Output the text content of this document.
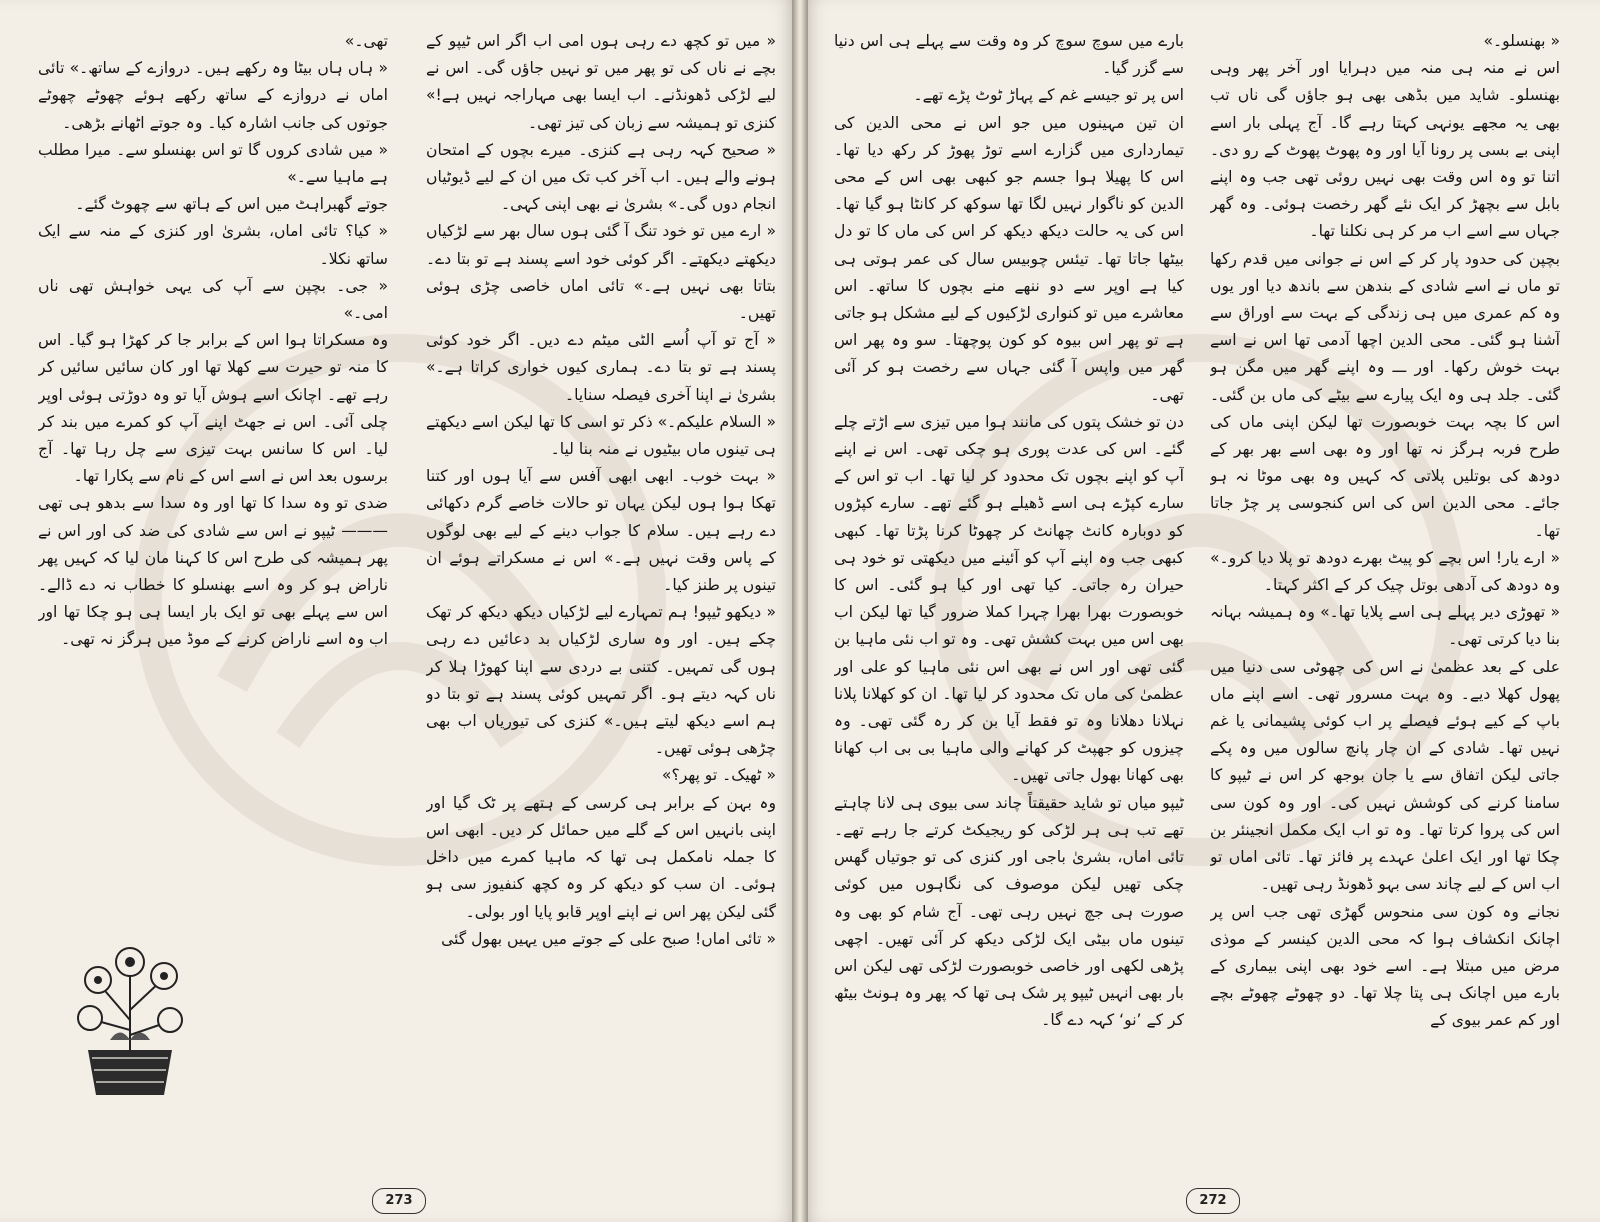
« میں تو کچھ دے رہی ہوں امی اب اگر اس ٹیپو کے بچے نے ناں کی تو پھر میں تو نہیں جاؤں گی۔ اس نے لیے لڑکی ڈھونڈنے۔ اب ایسا بھی مہاراجہ نہیں ہے!» کنزی تو ہمیشہ سے زبان کی تیز تھی۔

« صحیح کہہ رہی ہے کنزی۔ میرے بچوں کے امتحان ہونے والے ہیں۔ اب آخر کب تک میں ان کے لیے ڈیوٹیاں انجام دوں گی۔» بشریٰ نے بھی اپنی کہی۔

« ارے میں تو خود تنگ آ گئی ہوں سال بھر سے لڑکیاں دیکھتے دیکھتے۔ اگر کوئی خود اسے پسند ہے تو بتا دے۔ بتاتا بھی نہیں ہے۔» تائی اماں خاصی چڑی ہوئی تھیں۔

« آج تو آپ اُسے الٹی میٹم دے دیں۔ اگر خود کوئی پسند ہے تو بتا دے۔ ہماری کیوں خواری کراتا ہے۔» بشریٰ نے اپنا آخری فیصلہ سنایا۔

« السلام علیکم۔» ذکر تو اسی کا تھا لیکن اسے دیکھتے ہی تینوں ماں بیٹیوں نے منہ بنا لیا۔

« بہت خوب۔ ابھی ابھی آفس سے آیا ہوں اور کتنا تھکا ہوا ہوں لیکن یہاں تو حالات خاصے گرم دکھائی دے رہے ہیں۔ سلام کا جواب دینے کے لیے بھی لوگوں کے پاس وقت نہیں ہے۔» اس نے مسکراتے ہوئے ان تینوں پر طنز کیا۔

« دیکھو ٹیپو! ہم تمہارے لیے لڑکیاں دیکھ دیکھ کر تھک چکے ہیں۔ اور وہ ساری لڑکیاں بد دعائیں دے رہی ہوں گی تمہیں۔ کتنی بے دردی سے اپنا کھوڑا ہلا کر ناں کہہ دیتے ہو۔ اگر تمہیں کوئی پسند ہے تو بتا دو ہم اسے دیکھ لیتے ہیں۔» کنزی کی تیوریاں اب بھی چڑھی ہوئی تھیں۔

« ٹھیک۔ تو پھر؟»

وہ بہن کے برابر ہی کرسی کے ہتھے پر ٹک گیا اور اپنی بانہیں اس کے گلے میں حمائل کر دیں۔ ابھی اس کا جملہ نامکمل ہی تھا کہ ماہیا کمرے میں داخل ہوئی۔ ان سب کو دیکھ کر وہ کچھ کنفیوز سی ہو گئی لیکن پھر اس نے اپنے اوپر قابو پایا اور بولی۔

« تائی اماں! صبح علی کے جوتے میں یہیں بھول گئی

تھی۔»

« ہاں ہاں بیٹا وہ رکھے ہیں۔ دروازے کے ساتھ۔» تائی اماں نے دروازے کے ساتھ رکھے ہوئے چھوٹے چھوٹے جوتوں کی جانب اشارہ کیا۔ وہ جوتے اٹھانے بڑھی۔

« میں شادی کروں گا تو اس بھنسلو سے۔ میرا مطلب ہے ماہیا سے۔»

جوتے گھبراہٹ میں اس کے ہاتھ سے چھوٹ گئے۔

« کیا؟ تائی اماں، بشریٰ اور کنزی کے منہ سے ایک ساتھ نکلا۔

« جی۔ بچپن سے آپ کی یہی خواہش تھی ناں امی۔»

وہ مسکراتا ہوا اس کے برابر جا کر کھڑا ہو گیا۔ اس کا منہ تو حیرت سے کھلا تھا اور کان سائیں سائیں کر رہے تھے۔ اچانک اسے ہوش آیا تو وہ دوڑتی ہوئی اوپر چلی آئی۔ اس نے جھٹ اپنے آپ کو کمرے میں بند کر لیا۔ اس کا سانس بہت تیزی سے چل رہا تھا۔ آج برسوں بعد اس نے اسے اس کے نام سے پکارا تھا۔

ضدی تو وہ سدا کا تھا اور وہ سدا سے بدھو ہی تھی ——— ٹیپو نے اس سے شادی کی ضد کی اور اس نے پھر ہمیشہ کی طرح اس کا کہنا مان لیا کہ کہیں پھر ناراض ہو کر وہ اسے بھنسلو کا خطاب نہ دے ڈالے۔ اس سے پہلے بھی تو ایک بار ایسا ہی ہو چکا تھا اور اب وہ اسے ناراض کرنے کے موڈ میں ہرگز نہ تھی۔

273

« بھنسلو۔»

اس نے منہ ہی منہ میں دہرایا اور آخر پھر وہی بھنسلو۔ شاید میں بڈھی بھی ہو جاؤں گی ناں تب بھی یہ مجھے یونہی کہتا رہے گا۔ آج پہلی بار اسے اپنی بے بسی پر رونا آیا اور وہ پھوٹ پھوٹ کے رو دی۔ اتنا تو وہ اس وقت بھی نہیں روئی تھی جب وہ اپنے بابل سے بچھڑ کر ایک نئے گھر رخصت ہوئی۔ وہ گھر جہاں سے اسے اب مر کر ہی نکلنا تھا۔

بچپن کی حدود پار کر کے اس نے جوانی میں قدم رکھا تو ماں نے اسے شادی کے بندھن سے باندھ دیا اور یوں وہ کم عمری میں ہی زندگی کے بہت سے اوراق سے آشنا ہو گئی۔ محی الدین اچھا آدمی تھا اس نے اسے بہت خوش رکھا۔ اور ـــ وہ اپنے گھر میں مگن ہو گئی۔ جلد ہی وہ ایک پیارے سے بیٹے کی ماں بن گئی۔ اس کا بچہ بہت خوبصورت تھا لیکن اپنی ماں کی طرح فربہ ہرگز نہ تھا اور وہ بھی اسے بھر بھر کے دودھ کی بوتلیں پلاتی کہ کہیں وہ بھی موٹا نہ ہو جائے۔ محی الدین اس کی اس کنجوسی پر چڑ جاتا تھا۔

« ارے یار! اس بچے کو پیٹ بھرے دودھ تو پلا دیا کرو۔» وہ دودھ کی آدھی بوتل چیک کر کے اکثر کہتا۔

« تھوڑی دیر پہلے ہی اسے پلایا تھا۔» وہ ہمیشہ بہانہ بنا دیا کرتی تھی۔

علی کے بعد عظمیٰ نے اس کی چھوٹی سی دنیا میں پھول کھلا دیے۔ وہ بہت مسرور تھی۔ اسے اپنے ماں باپ کے کیے ہوئے فیصلے پر اب کوئی پشیمانی یا غم نہیں تھا۔ شادی کے ان چار پانچ سالوں میں وہ پکے جاتی لیکن اتفاق سے یا جان بوجھ کر اس نے ٹیپو کا سامنا کرنے کی کوشش نہیں کی۔ اور وہ کون سی اس کی پروا کرتا تھا۔ وہ تو اب ایک مکمل انجینئر بن چکا تھا اور ایک اعلیٰ عہدے پر فائز تھا۔ تائی اماں تو اب اس کے لیے چاند سی بہو ڈھونڈ رہی تھیں۔

نجانے وہ کون سی منحوس گھڑی تھی جب اس پر اچانک انکشاف ہوا کہ محی الدین کینسر کے موذی مرض میں مبتلا ہے۔ اسے خود بھی اپنی بیماری کے بارے میں اچانک ہی پتا چلا تھا۔ دو چھوٹے چھوٹے بچے اور کم عمر بیوی کے

بارے میں سوچ سوچ کر وہ وقت سے پہلے ہی اس دنیا سے گزر گیا۔

اس پر تو جیسے غم کے پہاڑ ٹوٹ پڑے تھے۔

ان تین مہینوں میں جو اس نے محی الدین کی تیمارداری میں گزارے اسے توڑ پھوڑ کر رکھ دیا تھا۔ اس کا پھیلا ہوا جسم جو کبھی بھی اس کے محی الدین کو ناگوار نہیں لگا تھا سوکھ کر کانٹا ہو گیا تھا۔ اس کی یہ حالت دیکھ دیکھ کر اس کی ماں کا تو دل بیٹھا جاتا تھا۔ تیئس چوبیس سال کی عمر ہوتی ہی کیا ہے اوپر سے دو ننھے منے بچوں کا ساتھ۔ اس معاشرے میں تو کنواری لڑکیوں کے لیے مشکل ہو جاتی ہے تو پھر اس بیوہ کو کون پوچھتا۔ سو وہ پھر اس گھر میں واپس آ گئی جہاں سے رخصت ہو کر آئی تھی۔

دن تو خشک پتوں کی مانند ہوا میں تیزی سے اڑتے چلے گئے۔ اس کی عدت پوری ہو چکی تھی۔ اس نے اپنے آپ کو اپنے بچوں تک محدود کر لیا تھا۔ اب تو اس کے سارے کپڑے ہی اسے ڈھیلے ہو گئے تھے۔ سارے کپڑوں کو دوبارہ کانٹ چھانٹ کر چھوٹا کرنا پڑتا تھا۔ کبھی کبھی جب وہ اپنے آپ کو آئینے میں دیکھتی تو خود ہی حیران رہ جاتی۔ کیا تھی اور کیا ہو گئی۔ اس کا خوبصورت بھرا بھرا چہرا کملا ضرور گیا تھا لیکن اب بھی اس میں بہت کشش تھی۔ وہ تو اب نئی ماہیا بن گئی تھی اور اس نے بھی اس نئی ماہیا کو علی اور عظمیٰ کی ماں تک محدود کر لیا تھا۔ ان کو کھلانا پلانا نہلانا دھلانا وہ تو فقط آیا بن کر رہ گئی تھی۔ وہ چیزوں کو جھپٹ کر کھانے والی ماہیا بی بی اب کھانا بھی کھانا بھول جاتی تھیں۔

ٹیپو میاں تو شاید حقیقتاً چاند سی بیوی ہی لانا چاہتے تھے تب ہی ہر لڑکی کو ریجیکٹ کرتے جا رہے تھے۔ تائی اماں، بشریٰ باجی اور کنزی کی تو جوتیاں گھس چکی تھیں لیکن موصوف کی نگاہوں میں کوئی صورت ہی جچ نہیں رہی تھی۔ آج شام کو بھی وہ تینوں ماں بیٹی ایک لڑکی دیکھ کر آئی تھیں۔ اچھی پڑھی لکھی اور خاصی خوبصورت لڑکی تھی لیکن اس بار بھی انہیں ٹیپو پر شک ہی تھا کہ پھر وہ ہونٹ بیٹھ کر کے ’نو‘ کہہ دے گا۔

272
